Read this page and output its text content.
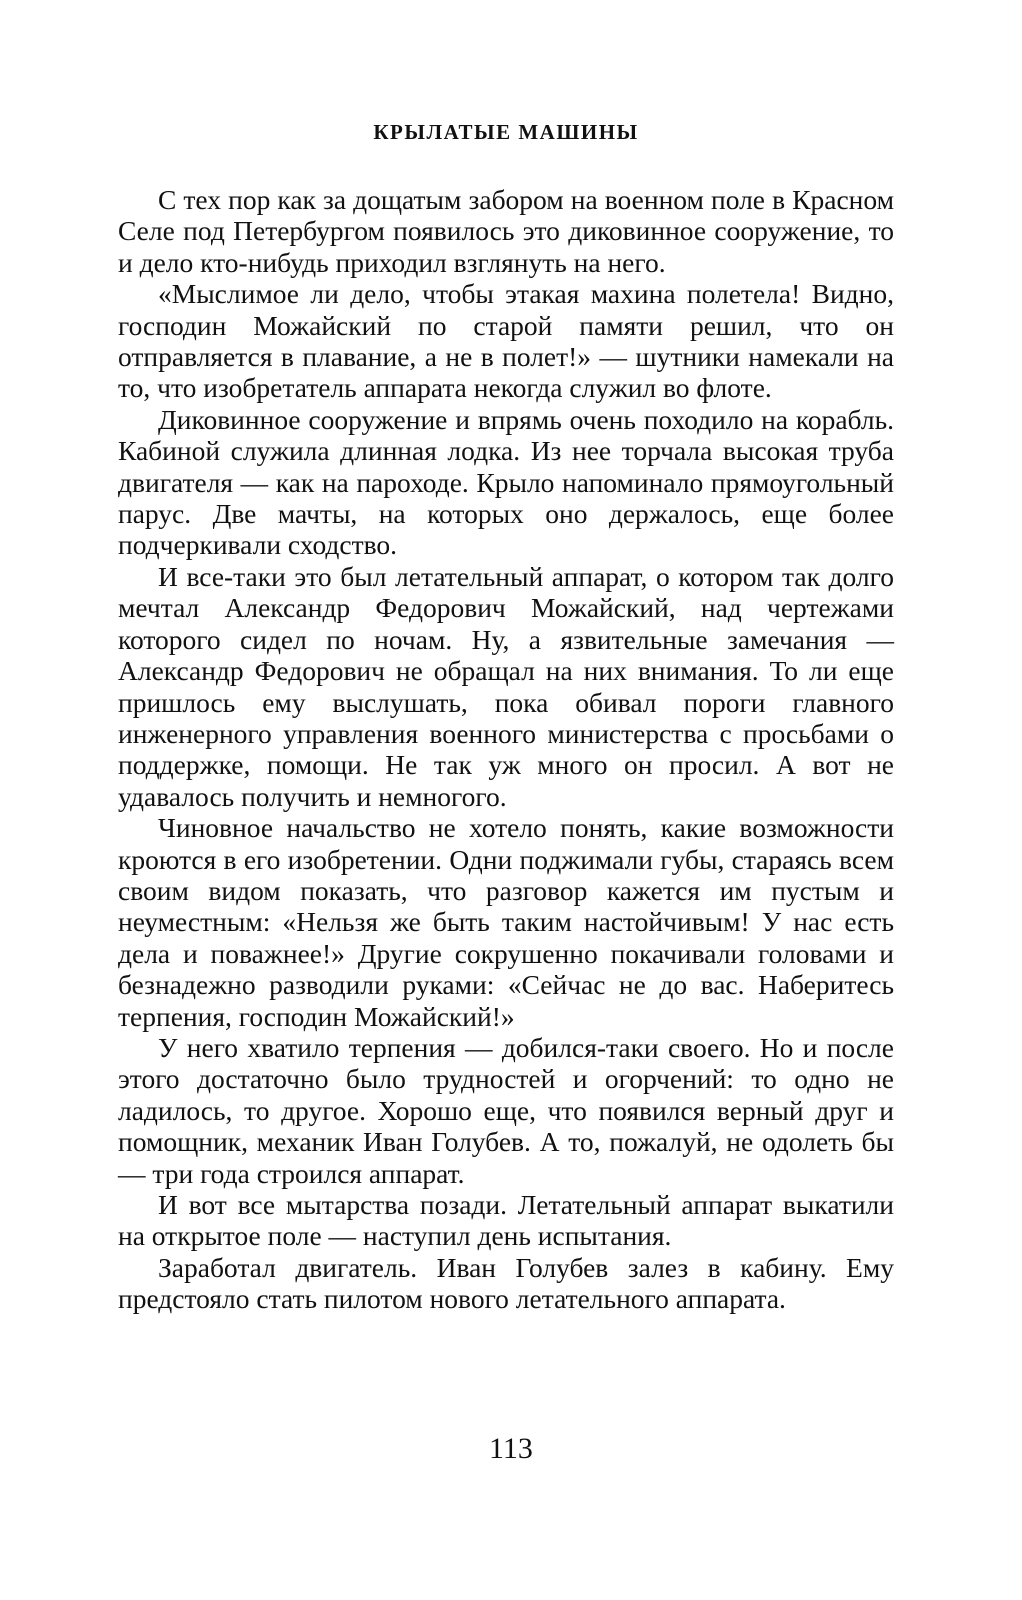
КРЫЛАТЫЕ МАШИНЫ

С тех пор как за дощатым забором на военном поле в Красном Селе под Петербургом появилось это диковинное сооружение, то и дело кто-нибудь приходил взглянуть на него.

«Мыслимое ли дело, чтобы этакая махина полетела! Видно, господин Можайский по старой памяти решил, что он отправляется в плавание, а не в полет!» — шутники намекали на то, что изобретатель аппарата некогда служил во флоте.

Диковинное сооружение и впрямь очень походило на корабль. Кабиной служила длинная лодка. Из нее торчала высокая труба двигателя — как на пароходе. Крыло напоминало прямоугольный парус. Две мачты, на которых оно держалось, еще более подчеркивали сходство.

И все-таки это был летательный аппарат, о котором так долго мечтал Александр Федорович Можайский, над чертежами которого сидел по ночам. Ну, а язвительные замечания — Александр Федорович не обращал на них внимания. То ли еще пришлось ему выслушать, пока обивал пороги главного инженерного управления военного министерства с просьбами о поддержке, помощи. Не так уж много он просил. А вот не удавалось получить и немногого.

Чиновное начальство не хотело понять, какие возможности кроются в его изобретении. Одни поджимали губы, стараясь всем своим видом показать, что разговор кажется им пустым и неуместным: «Нельзя же быть таким настойчивым! У нас есть дела и поважнее!» Другие сокрушенно покачивали головами и безнадежно разводили руками: «Сейчас не до вас. Наберитесь терпения, господин Можайский!»

У него хватило терпения — добился-таки своего. Но и после этого достаточно было трудностей и огорчений: то одно не ладилось, то другое. Хорошо еще, что появился верный друг и помощник, механик Иван Голубев. А то, пожалуй, не одолеть бы — три года строился аппарат.

И вот все мытарства позади. Летательный аппарат выкатили на открытое поле — наступил день испытания.

Заработал двигатель. Иван Голубев залез в кабину. Ему предстояло стать пилотом нового летательного аппарата.

113
